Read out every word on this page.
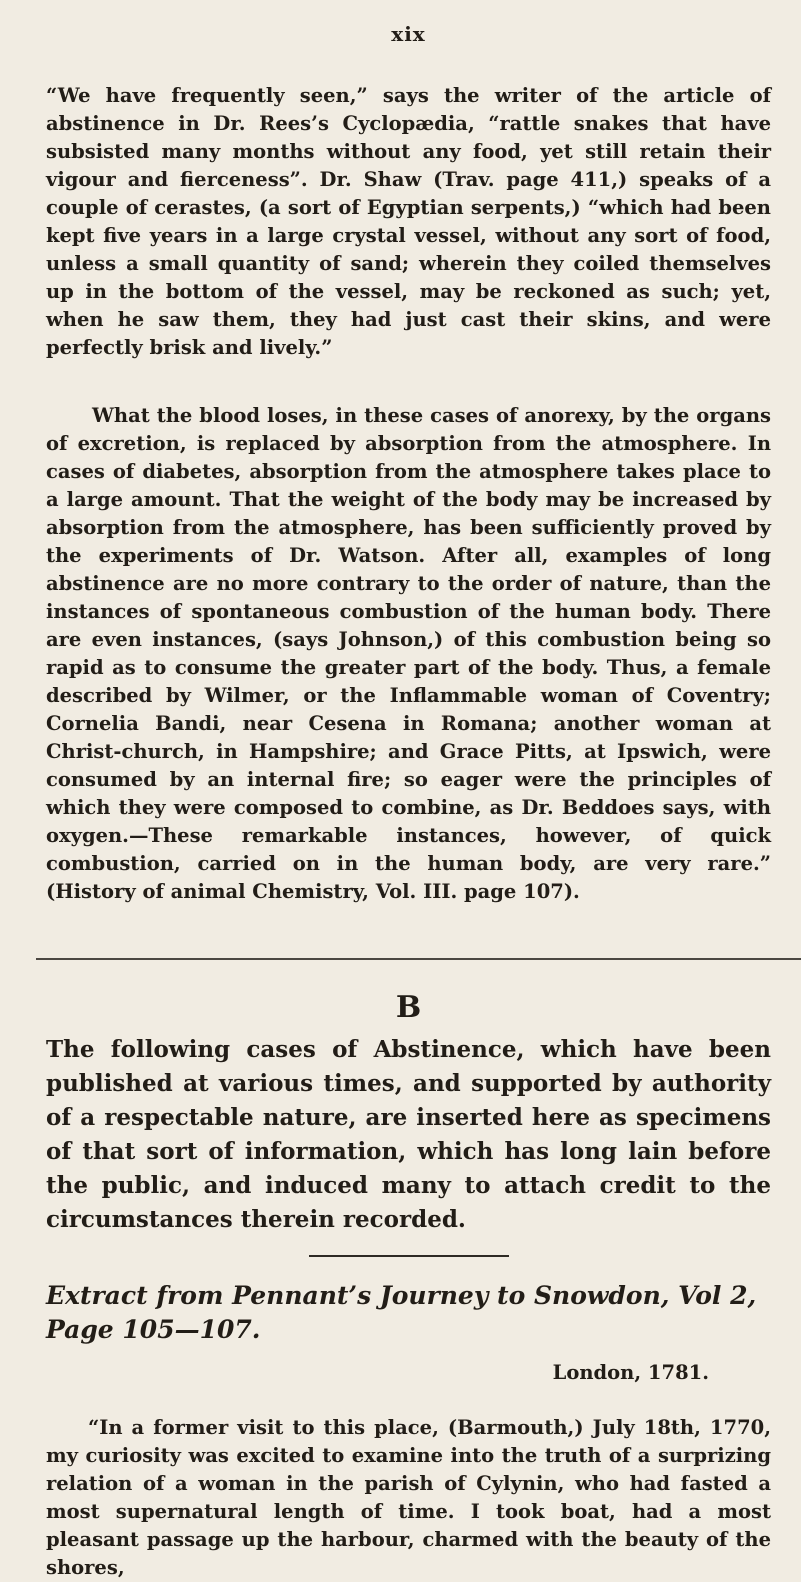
xix

“We have frequently seen,” says the writer of the article of abstinence in Dr. Rees’s Cyclopædia, “rattle snakes that have subsisted many months without any food, yet still retain their vigour and fierceness”. Dr. Shaw (Trav. page 411,) speaks of a couple of cerastes, (a sort of Egyptian serpents,) “which had been kept five years in a large crystal vessel, without any sort of food, unless a small quantity of sand; wherein they coiled themselves up in the bottom of the vessel, may be reckoned as such; yet, when he saw them, they had just cast their skins, and were perfectly brisk and lively.”

What the blood loses, in these cases of anorexy, by the organs of excretion, is replaced by absorption from the atmosphere. In cases of diabetes, absorption from the atmosphere takes place to a large amount. That the weight of the body may be increased by absorption from the atmosphere, has been sufficiently proved by the experiments of Dr. Watson. After all, examples of long abstinence are no more contrary to the order of nature, than the instances of spontaneous combustion of the human body. There are even instances, (says Johnson,) of this combustion being so rapid as to consume the greater part of the body. Thus, a female described by Wilmer, or the Inflammable woman of Coventry; Cornelia Bandi, near Cesena in Romana; another woman at Christ-church, in Hampshire; and Grace Pitts, at Ipswich, were consumed by an internal fire; so eager were the principles of which they were composed to combine, as Dr. Beddoes says, with oxygen.—These remarkable instances, however, of quick combustion, carried on in the human body, are very rare.” (History of animal Chemistry, Vol. III. page 107).

B

The following cases of Abstinence, which have been published at various times, and supported by authority of a respectable nature, are inserted here as specimens of that sort of information, which has long lain before the public, and induced many to attach credit to the circumstances therein recorded.

Extract from Pennant’s Journey to Snowdon, Vol 2, Page 105—107.
London, 1781.

“In a former visit to this place, (Barmouth,) July 18th, 1770, my curiosity was excited to examine into the truth of a surprizing relation of a woman in the parish of Cylynin, who had fasted a most supernatural length of time. I took boat, had a most pleasant passage up the harbour, charmed with the beauty of the shores,
